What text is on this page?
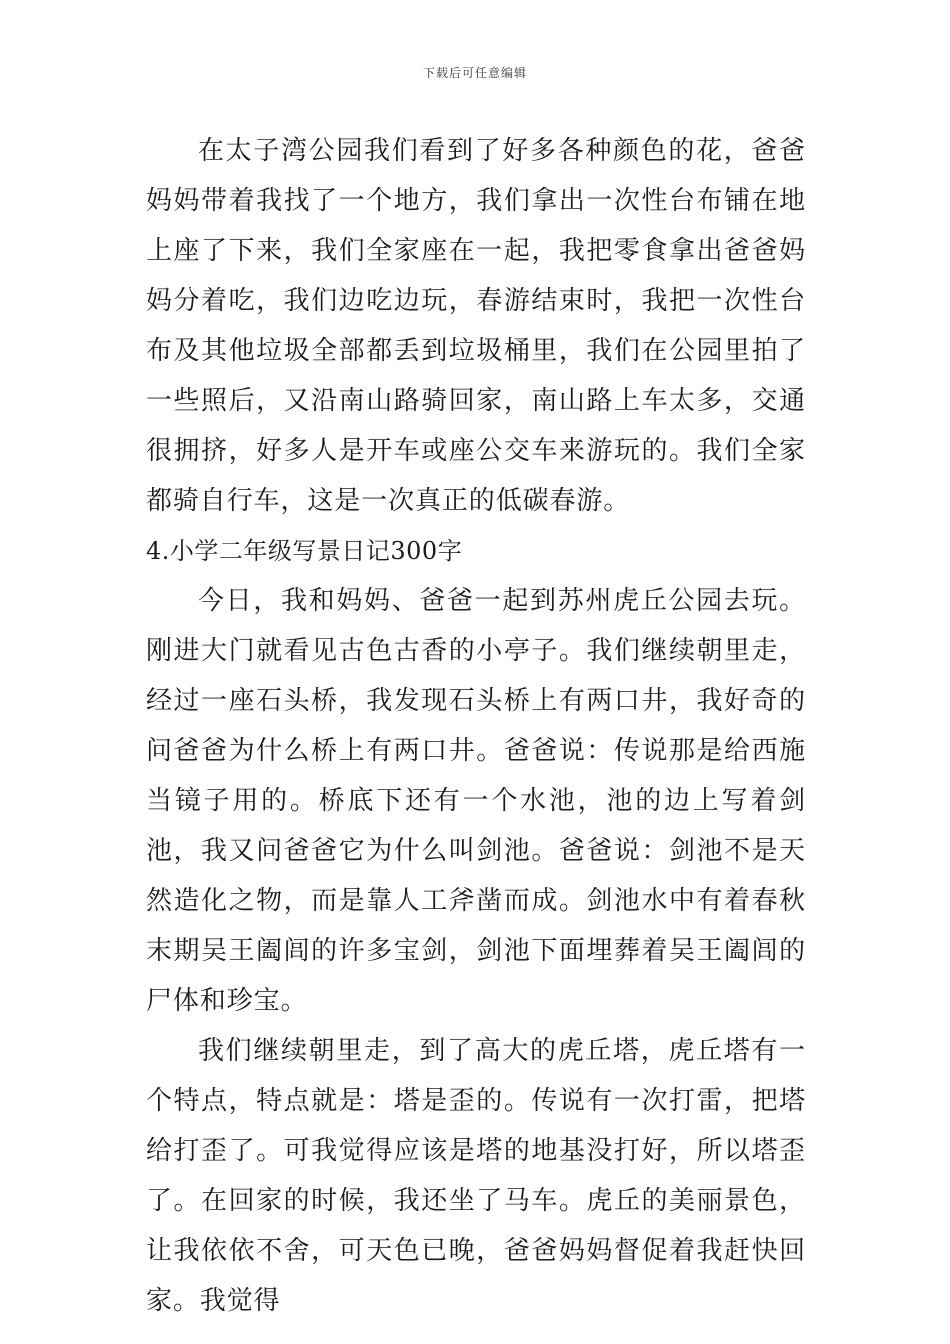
下载后可任意编辑

在太子湾公园我们看到了好多各种颜色的花，爸爸妈妈带着我找了一个地方，我们拿出一次性台布铺在地上座了下来，我们全家座在一起，我把零食拿出爸爸妈妈分着吃，我们边吃边玩，春游结束时，我把一次性台布及其他垃圾全部都丢到垃圾桶里，我们在公园里拍了一些照后，又沿南山路骑回家，南山路上车太多，交通很拥挤，好多人是开车或座公交车来游玩的。我们全家都骑自行车，这是一次真正的低碳春游。

4.小学二年级写景日记300字

今日，我和妈妈、爸爸一起到苏州虎丘公园去玩。刚进大门就看见古色古香的小亭子。我们继续朝里走，经过一座石头桥，我发现石头桥上有两口井，我好奇的问爸爸为什么桥上有两口井。爸爸说：传说那是给西施当镜子用的。桥底下还有一个水池，池的边上写着剑池，我又问爸爸它为什么叫剑池。爸爸说：剑池不是天然造化之物，而是靠人工斧凿而成。剑池水中有着春秋末期吴王阖闾的许多宝剑，剑池下面埋葬着吴王阖闾的尸体和珍宝。

我们继续朝里走，到了高大的虎丘塔，虎丘塔有一个特点，特点就是：塔是歪的。传说有一次打雷，把塔给打歪了。可我觉得应该是塔的地基没打好，所以塔歪了。在回家的时候，我还坐了马车。虎丘的美丽景色，让我依依不舍，可天色已晚，爸爸妈妈督促着我赶快回家。我觉得
